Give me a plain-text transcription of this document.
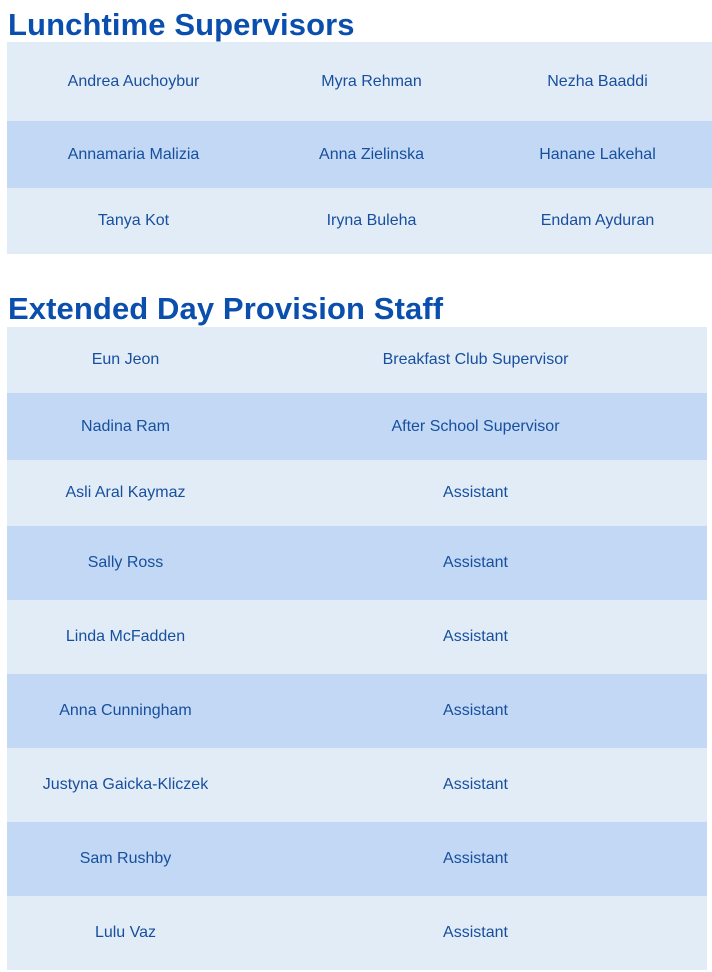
Lunchtime Supervisors
Andrea Auchoybur	Myra Rehman	Nezha Baaddi
Annamaria Malizia	Anna Zielinska	Hanane Lakehal
Tanya Kot	Iryna Buleha	Endam Ayduran
Extended Day Provision Staff
Eun Jeon	Breakfast Club Supervisor
Nadina Ram	After School Supervisor
Asli Aral Kaymaz	Assistant
Sally Ross	Assistant
Linda McFadden	Assistant
Anna Cunningham	Assistant
Justyna Gaicka-Kliczek	Assistant
Sam Rushby	Assistant
Lulu Vaz	Assistant
